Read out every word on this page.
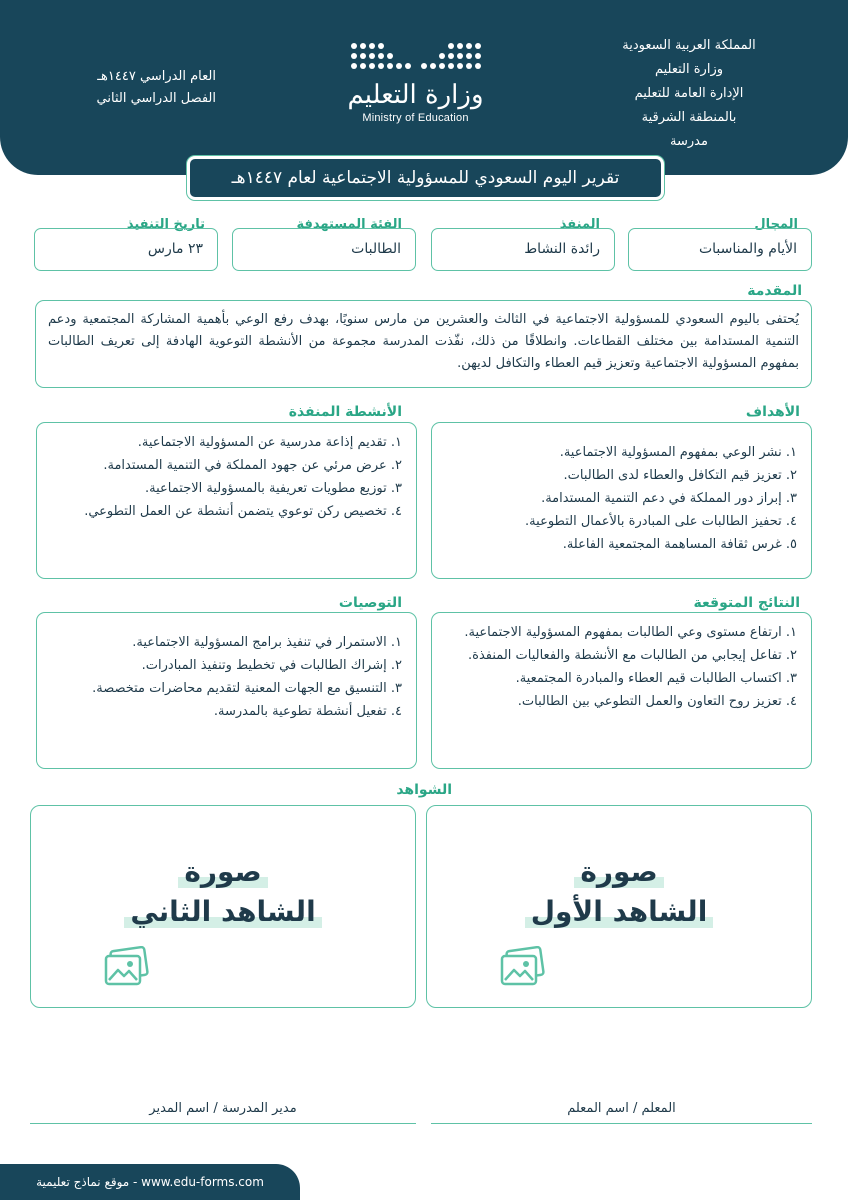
المملكة العربية السعودية
وزارة التعليم
الإدارة العامة للتعليم
بالمنطقة الشرقية
مدرسة
وزارة التعليم
Ministry of Education
العام الدراسي ١٤٤٧هـ
الفصل الدراسي الثاني
تقرير اليوم السعودي للمسؤولية الاجتماعية لعام ١٤٤٧هـ
المجال
الأيام والمناسبات
المنفذ
رائدة النشاط
الفئة المستهدفة
الطالبات
تاريخ التنفيذ
٢٣ مارس
المقدمة
يُحتفى باليوم السعودي للمسؤولية الاجتماعية في الثالث والعشرين من مارس سنويًا، بهدف رفع الوعي بأهمية المشاركة المجتمعية ودعم التنمية المستدامة بين مختلف القطاعات. وانطلاقًا من ذلك، نفّذت المدرسة مجموعة من الأنشطة التوعوية الهادفة إلى تعريف الطالبات بمفهوم المسؤولية الاجتماعية وتعزيز قيم العطاء والتكافل لديهن.
الأهداف
١. نشر الوعي بمفهوم المسؤولية الاجتماعية.
٢. تعزيز قيم التكافل والعطاء لدى الطالبات.
٣. إبراز دور المملكة في دعم التنمية المستدامة.
٤. تحفيز الطالبات على المبادرة بالأعمال التطوعية.
٥. غرس ثقافة المساهمة المجتمعية الفاعلة.
الأنشطة المنفذة
١. تقديم إذاعة مدرسية عن المسؤولية الاجتماعية.
٢. عرض مرئي عن جهود المملكة في التنمية المستدامة.
٣. توزيع مطويات تعريفية بالمسؤولية الاجتماعية.
٤. تخصيص ركن توعوي يتضمن أنشطة عن العمل التطوعي.
النتائج المتوقعة
١. ارتفاع مستوى وعي الطالبات بمفهوم المسؤولية الاجتماعية.
٢. تفاعل إيجابي من الطالبات مع الأنشطة والفعاليات المنفذة.
٣. اكتساب الطالبات قيم العطاء والمبادرة المجتمعية.
٤. تعزيز روح التعاون والعمل التطوعي بين الطالبات.
التوصيات
١. الاستمرار في تنفيذ برامج المسؤولية الاجتماعية.
٢. إشراك الطالبات في تخطيط وتنفيذ المبادرات.
٣. التنسيق مع الجهات المعنية لتقديم محاضرات متخصصة.
٤. تفعيل أنشطة تطوعية بالمدرسة.
الشواهد
صورة
الشاهد الأول
صورة
الشاهد الثاني
المعلم / اسم المعلم
مدير المدرسة / اسم المدير
www.edu-forms.com - موقع نماذج تعليمية
